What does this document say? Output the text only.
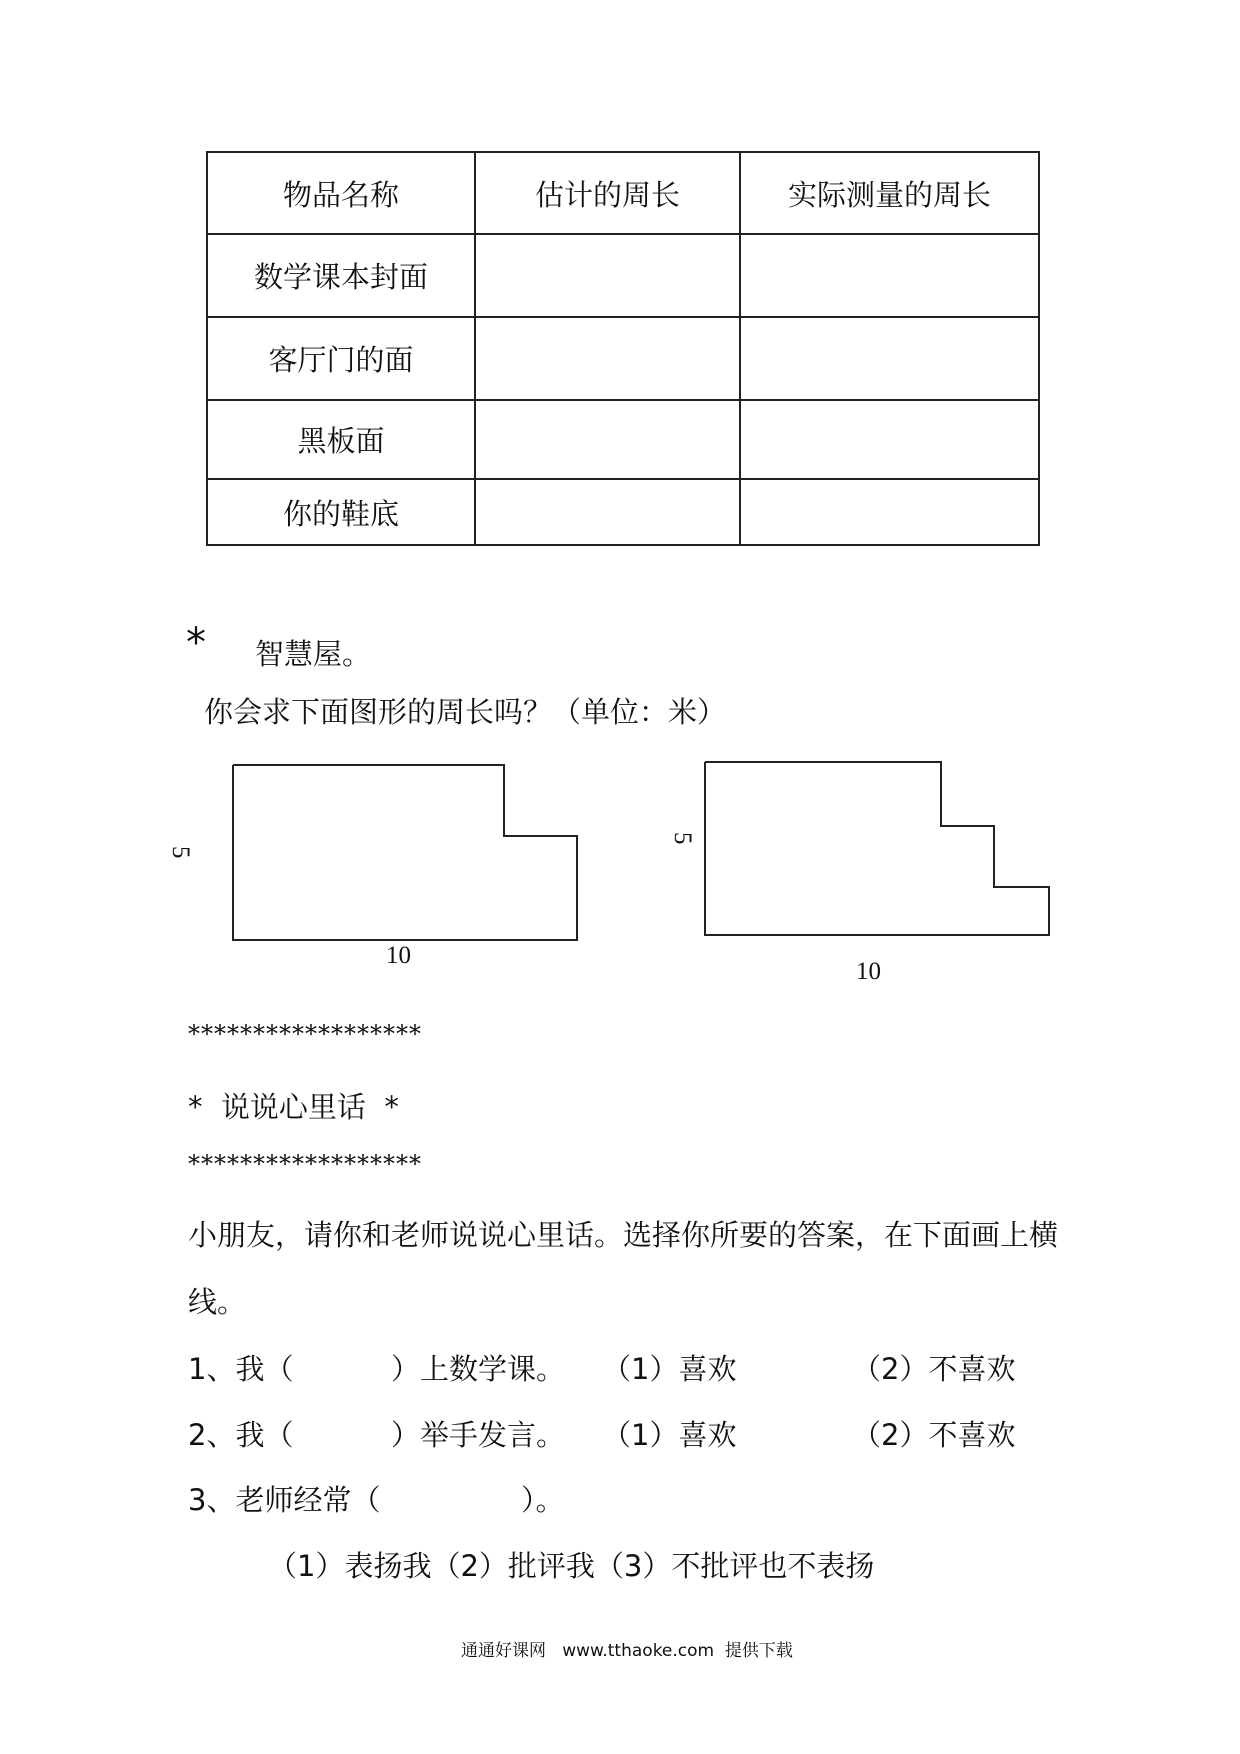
物品名称	估计的周长	实际测量的周长
数学课本封面		
客厅门的面		
黑板面		
你的鞋底		
* 智慧屋。
你会求下面图形的周长吗？（单位：米）
5
10
5
10
******************
*  说说心里话  *
******************
小朋友，请你和老师说说心里话。选择你所要的答案，在下面画上横
线。
1、我（	）上数学课。 （1）喜欢	（2）不喜欢
2、我（	）举手发言。 （1）喜欢	（2）不喜欢
3、老师经常（	）。
（1）表扬我（2）批评我（3）不批评也不表扬
通通好课网   www.tthaoke.com  提供下载
